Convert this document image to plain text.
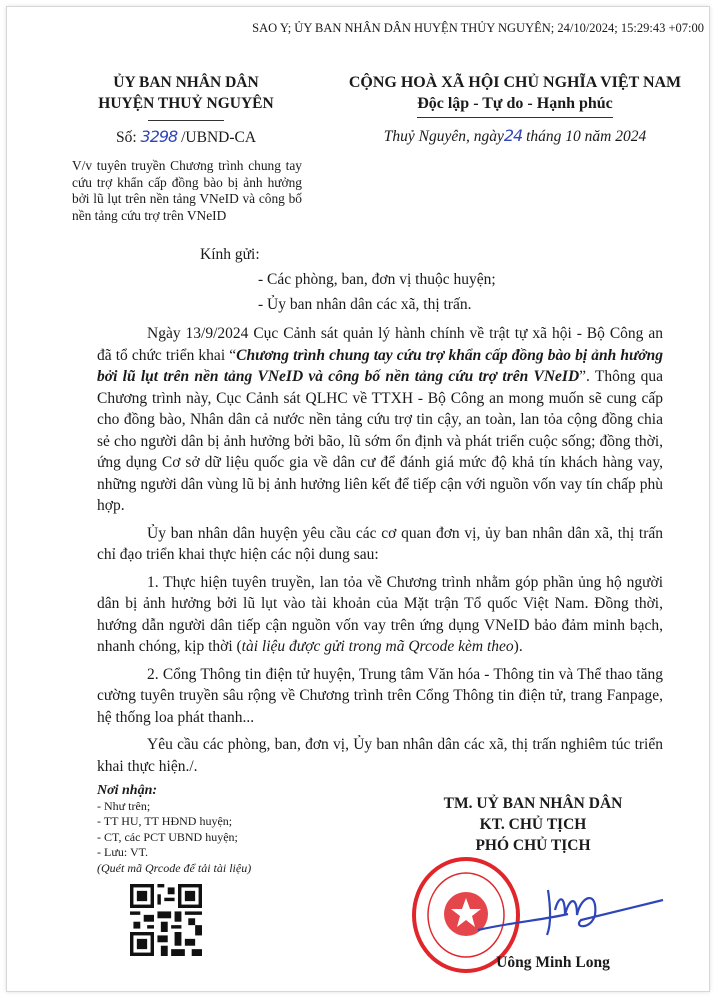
SAO Y; ỦY BAN NHÂN DÂN HUYỆN THỦY NGUYÊN; 24/10/2024; 15:29:43 +07:00
ỦY BAN NHÂN DÂN
HUYỆN THUỶ NGUYÊN
CỘNG HOÀ XÃ HỘI CHỦ NGHĨA VIỆT NAM
Độc lập - Tự do - Hạnh phúc
Số: 3298 /UBND-CA	Thuỷ Nguyên, ngày24 tháng 10 năm 2024
V/v tuyên truyền Chương trình chung tay cứu trợ khẩn cấp đồng bào bị ảnh hưởng bởi lũ lụt trên nền tảng VNeID và công bố nền tảng cứu trợ trên VNeID
Kính gửi:
- Các phòng, ban, đơn vị thuộc huyện;
- Ủy ban nhân dân các xã, thị trấn.

Ngày 13/9/2024 Cục Cảnh sát quản lý hành chính về trật tự xã hội - Bộ Công an đã tổ chức triển khai “Chương trình chung tay cứu trợ khẩn cấp đồng bào bị ảnh hưởng bởi lũ lụt trên nền tảng VNeID và công bố nền tảng cứu trợ trên VNeID”. Thông qua Chương trình này, Cục Cảnh sát QLHC về TTXH - Bộ Công an mong muốn sẽ cung cấp cho đồng bào, Nhân dân cả nước nền tảng cứu trợ tin cậy, an toàn, lan tỏa cộng đồng chia sẻ cho người dân bị ảnh hưởng bởi bão, lũ sớm ổn định và phát triển cuộc sống; đồng thời, ứng dụng Cơ sở dữ liệu quốc gia về dân cư để đánh giá mức độ khả tín khách hàng vay, những người dân vùng lũ bị ảnh hưởng liên kết để tiếp cận với nguồn vốn vay tín chấp phù hợp.

Ủy ban nhân dân huyện yêu cầu các cơ quan đơn vị, ủy ban nhân dân xã, thị trấn chỉ đạo triển khai thực hiện các nội dung sau:

1. Thực hiện tuyên truyền, lan tỏa về Chương trình nhằm góp phần ủng hộ người dân bị ảnh hưởng bởi lũ lụt vào tài khoản của Mặt trận Tổ quốc Việt Nam. Đồng thời, hướng dẫn người dân tiếp cận nguồn vốn vay trên ứng dụng VNeID bảo đảm minh bạch, nhanh chóng, kịp thời (tài liệu được gửi trong mã Qrcode kèm theo).

2. Cổng Thông tin điện tử huyện, Trung tâm Văn hóa - Thông tin và Thể thao tăng cường tuyên truyền sâu rộng về Chương trình trên Cổng Thông tin điện tử, trang Fanpage, hệ thống loa phát thanh...

Yêu cầu các phòng, ban, đơn vị, Ủy ban nhân dân các xã, thị trấn nghiêm túc triển khai thực hiện./.

Nơi nhận:
- Như trên;
- TT HU, TT HĐND huyện;
- CT, các PCT UBND huyện;
- Lưu: VT.
(Quét mã Qrcode để tải tài liệu)
TM. UỶ BAN NHÂN DÂN
KT. CHỦ TỊCH
PHÓ CHỦ TỊCH
Uông Minh Long
